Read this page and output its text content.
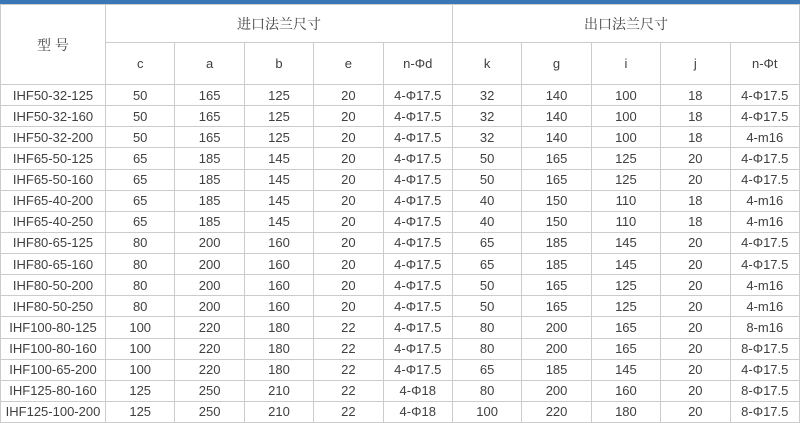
型 号	进口法兰尺寸					出口法兰尺寸				
	c	a	b	e	n-Φd	k	g	i	j	n-Φt
IHF50-32-125	50	165	125	20	4-Φ17.5	32	140	100	18	4-Φ17.5
IHF50-32-160	50	165	125	20	4-Φ17.5	32	140	100	18	4-Φ17.5
IHF50-32-200	50	165	125	20	4-Φ17.5	32	140	100	18	4-m16
IHF65-50-125	65	185	145	20	4-Φ17.5	50	165	125	20	4-Φ17.5
IHF65-50-160	65	185	145	20	4-Φ17.5	50	165	125	20	4-Φ17.5
IHF65-40-200	65	185	145	20	4-Φ17.5	40	150	110	18	4-m16
IHF65-40-250	65	185	145	20	4-Φ17.5	40	150	110	18	4-m16
IHF80-65-125	80	200	160	20	4-Φ17.5	65	185	145	20	4-Φ17.5
IHF80-65-160	80	200	160	20	4-Φ17.5	65	185	145	20	4-Φ17.5
IHF80-50-200	80	200	160	20	4-Φ17.5	50	165	125	20	4-m16
IHF80-50-250	80	200	160	20	4-Φ17.5	50	165	125	20	4-m16
IHF100-80-125	100	220	180	22	4-Φ17.5	80	200	165	20	8-m16
IHF100-80-160	100	220	180	22	4-Φ17.5	80	200	165	20	8-Φ17.5
IHF100-65-200	100	220	180	22	4-Φ17.5	65	185	145	20	4-Φ17.5
IHF125-80-160	125	250	210	22	4-Φ18	80	200	160	20	8-Φ17.5
IHF125-100-200	125	250	210	22	4-Φ18	100	220	180	20	8-Φ17.5
